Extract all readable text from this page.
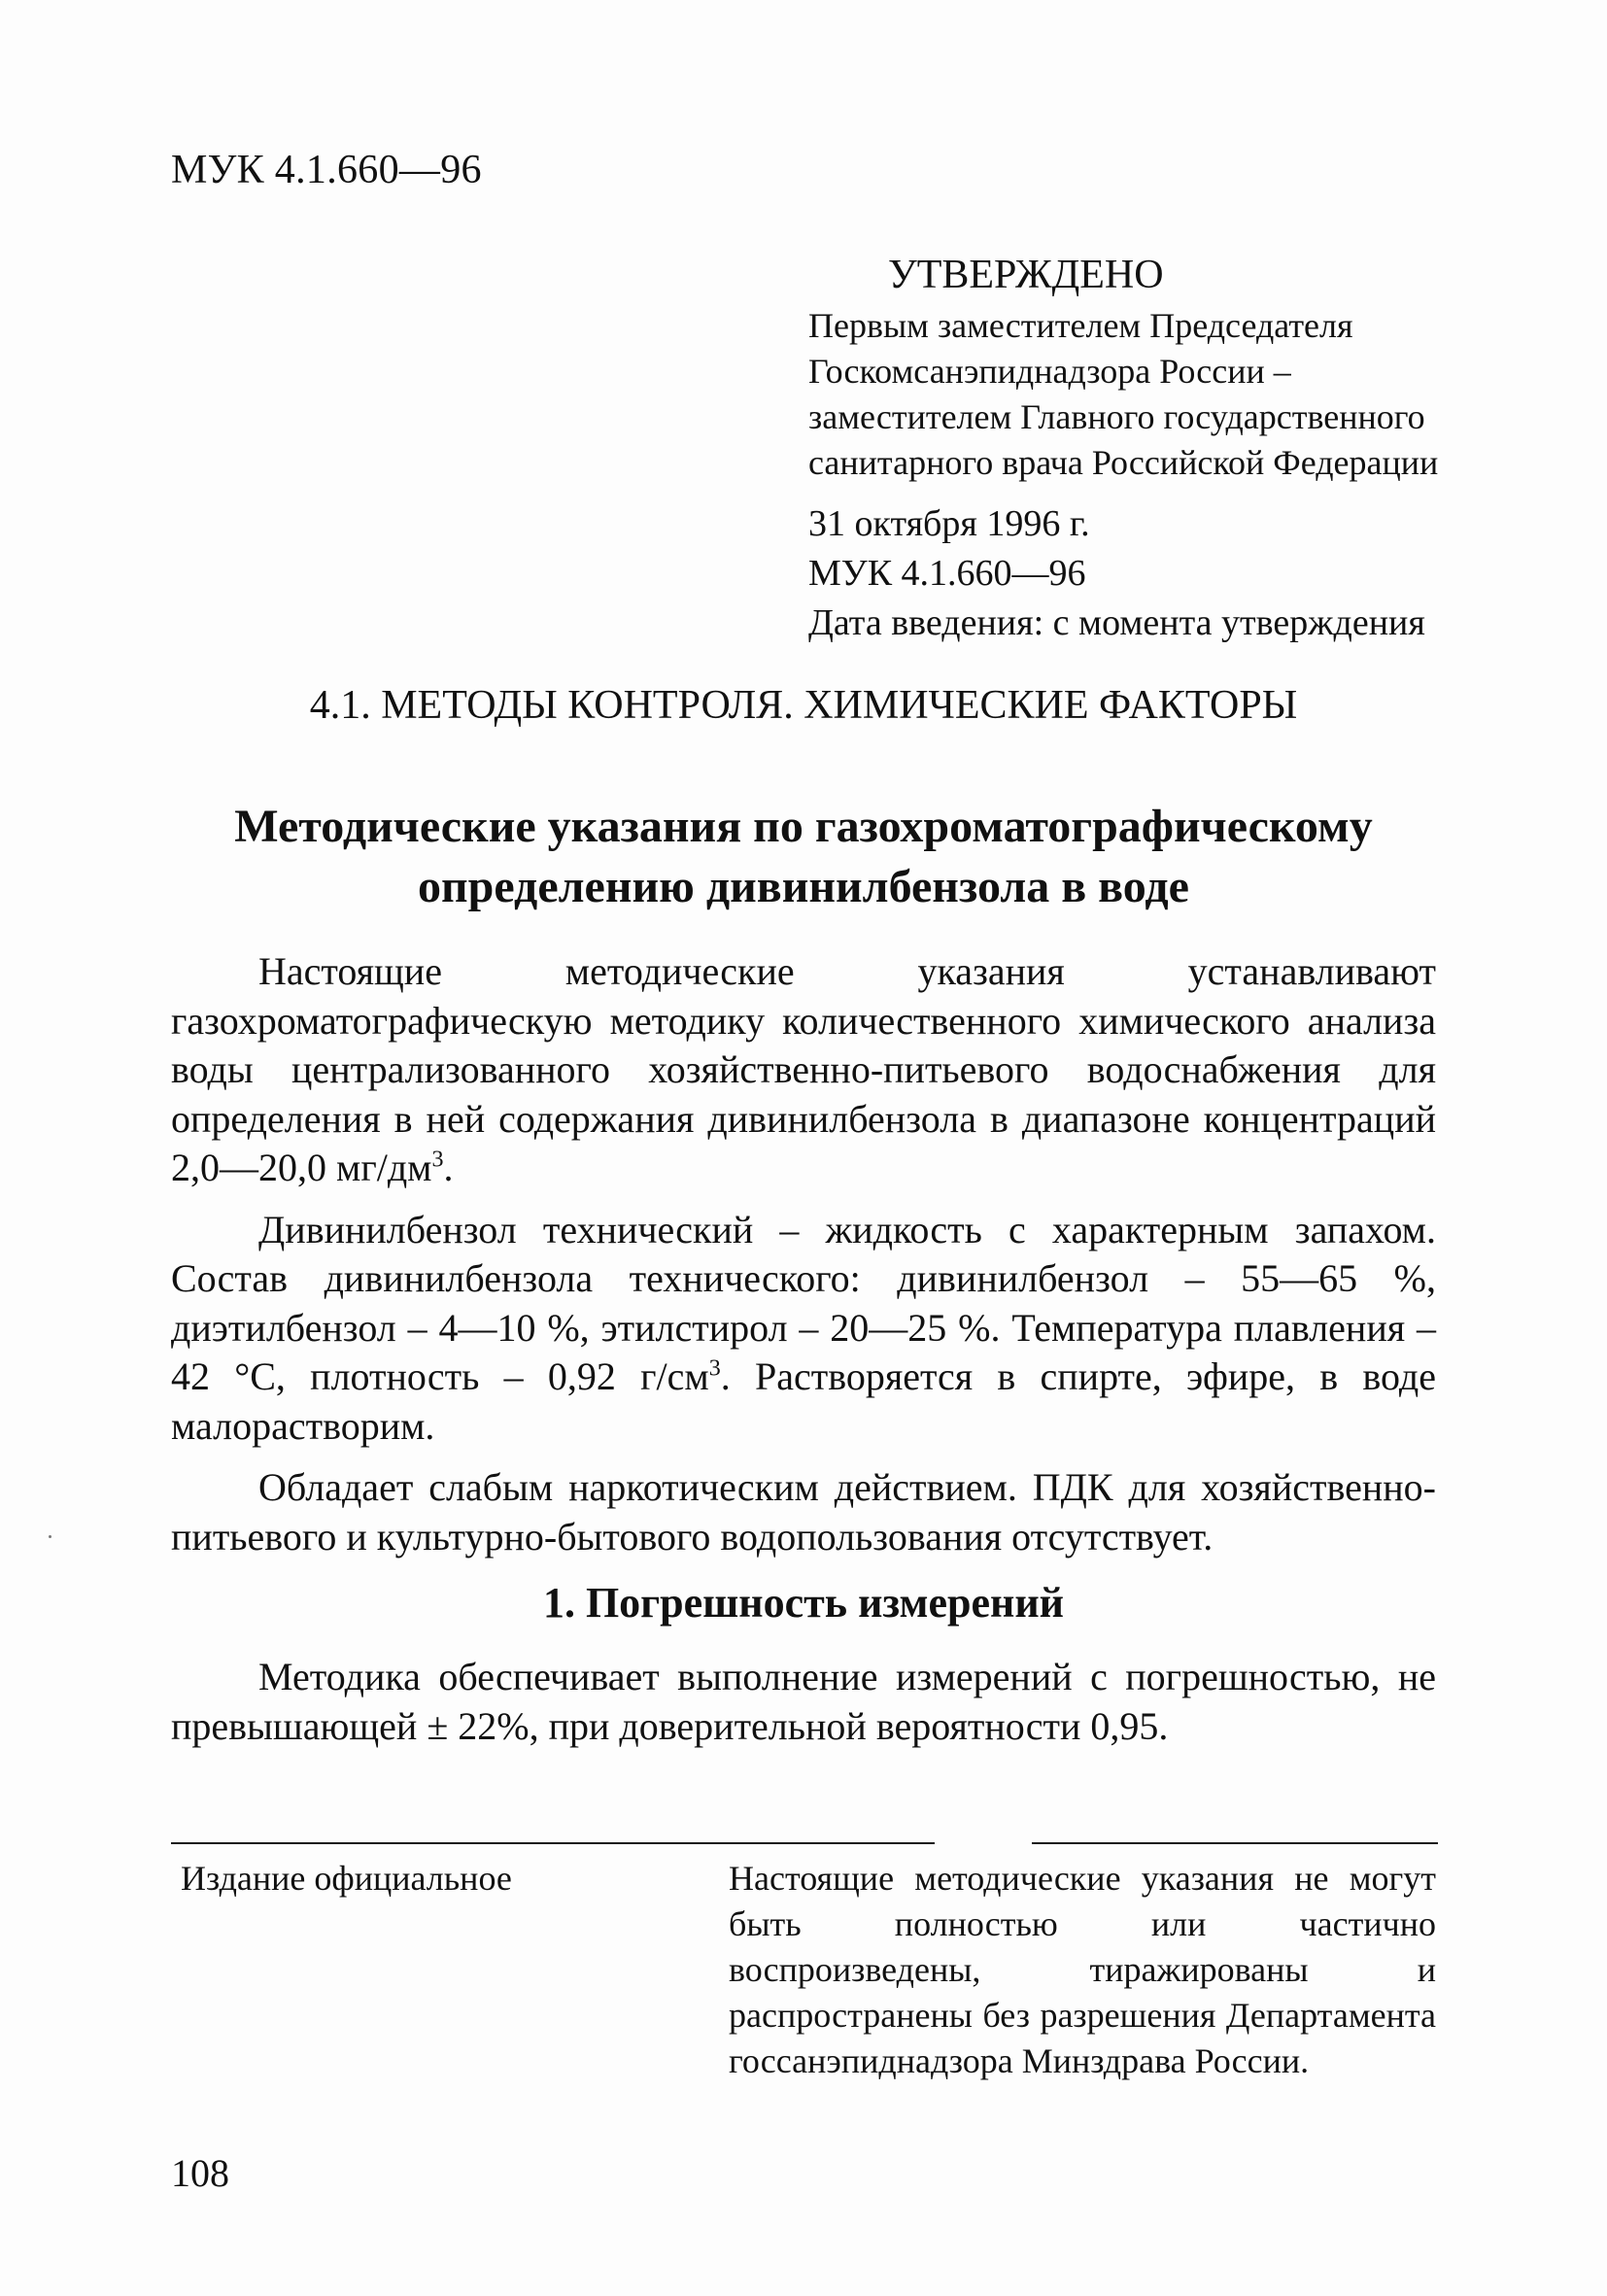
МУК 4.1.660—96
УТВЕРЖДЕНО
Первым заместителем Председателя
Госкомсанэпиднадзора России –
заместителем Главного государственного
санитарного врача Российской Федерации
31 октября 1996 г.
МУК 4.1.660—96
Дата введения: с момента утверждения
4.1. МЕТОДЫ КОНТРОЛЯ. ХИМИЧЕСКИЕ ФАКТОРЫ
Методические указания по газохроматографическому
определению дивинилбензола в воде

Настоящие методические указания устанавливают газохроматографическую методику количественного химического анализа воды централизованного хозяйственно-питьевого водоснабжения для определения в ней содержания дивинилбензола в диапазоне концентраций 2,0—20,0 $мг/дм^3$.

Дивинилбензол технический – жидкость с характерным запахом. Состав дивинилбензола технического: дивинилбензол – 55—65 %, диэтилбензол – 4—10 %, этилстирол – 20—25 %. Температура плавления – 42 °С, плотность – 0,92 $г/см^3$. Растворяется в спирте, эфире, в воде малорастворим.

Обладает слабым наркотическим действием. ПДК для хозяйственно-питьевого и культурно-бытового водопользования отсутствует.

1. Погрешность измерений

Методика обеспечивает выполнение измерений с погрешностью, не превышающей ± 22%, при доверительной вероятности 0,95.

Издание официальное	Настоящие методические указания не могут быть полностью или частично воспроизведены, тиражированы и распространены без разрешения Департамента госсанэпиднадзора Минздрава России.
108
